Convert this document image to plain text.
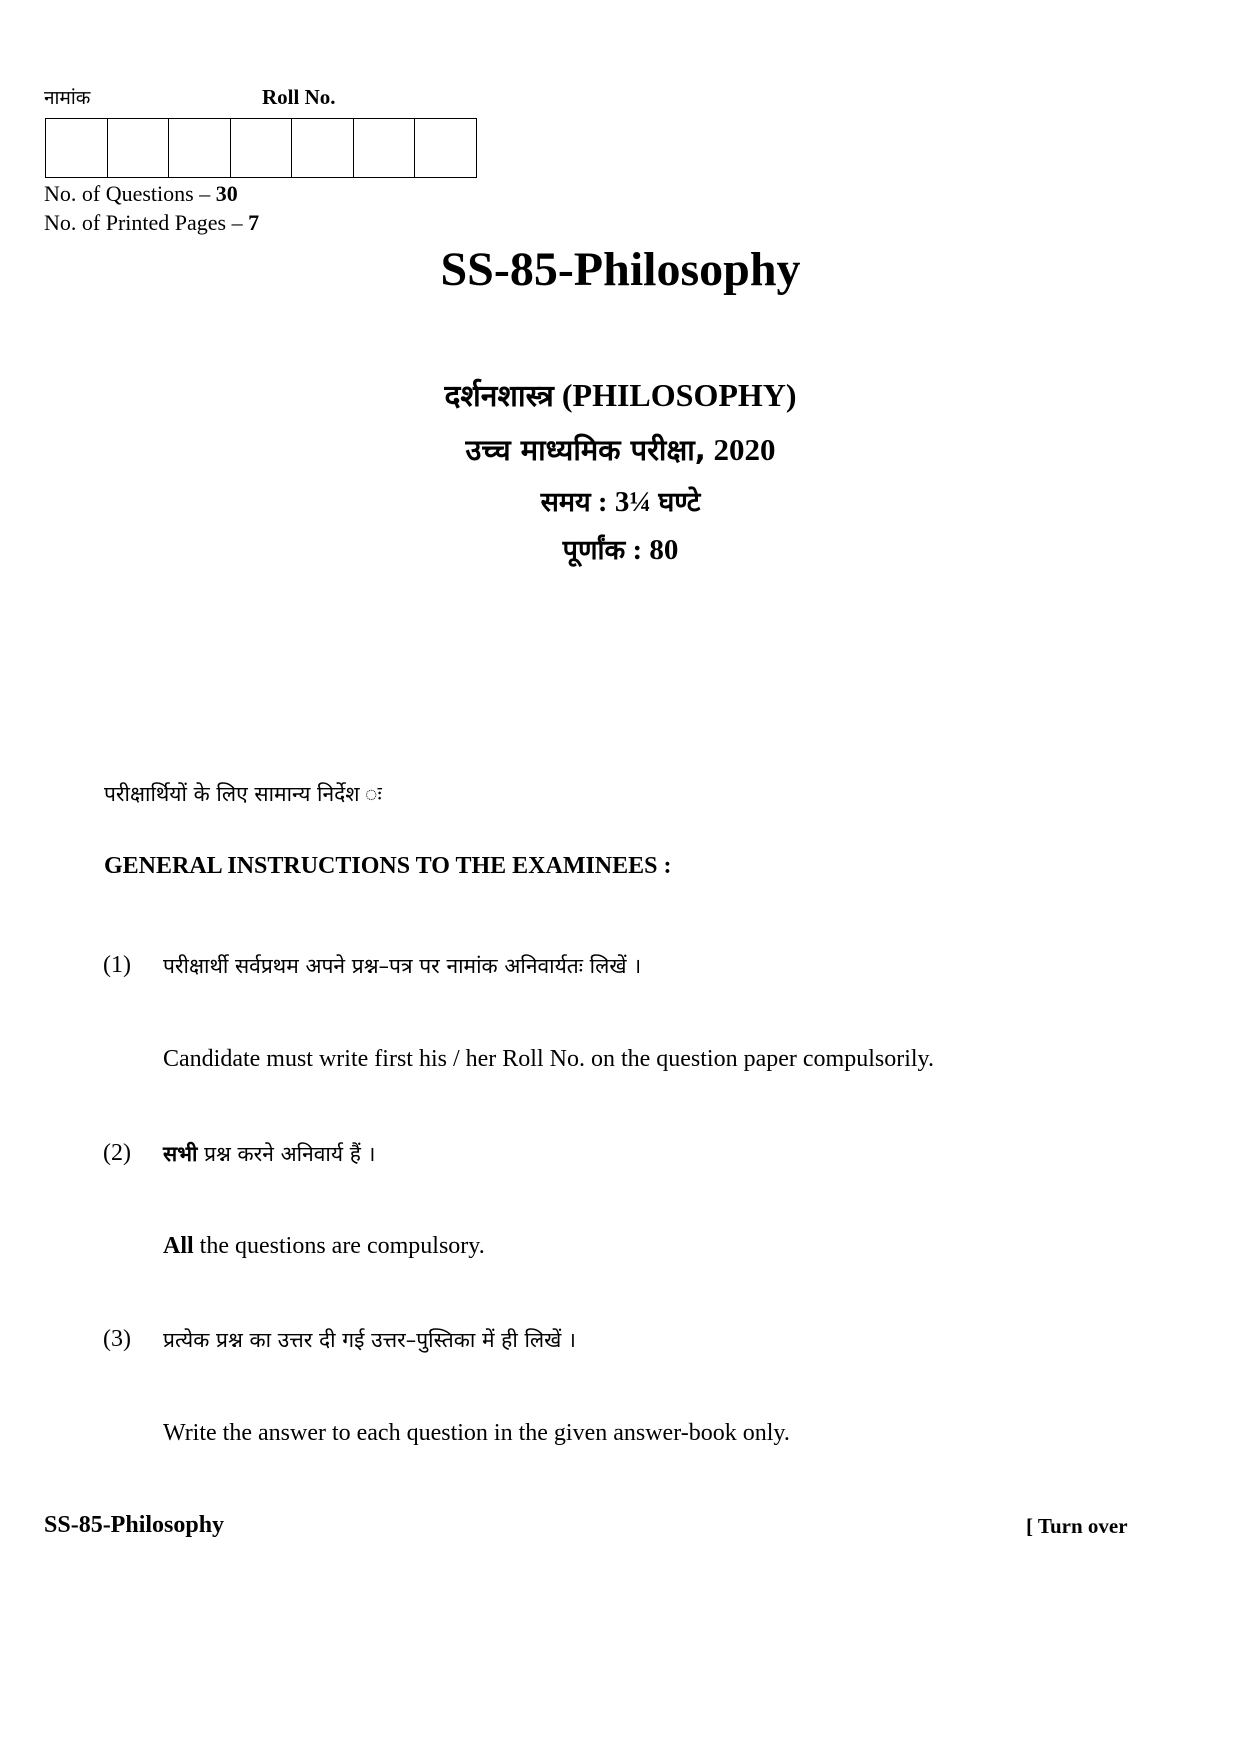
नामांक	Roll No.
No. of Questions – 30
No. of Printed Pages – 7
SS-85-Philosophy
दर्शनशास्त्र (PHILOSOPHY)
उच्च माध्यमिक परीक्षा, 2020
समय : 3¼ घण्टे
पूर्णांक : 80
परीक्षार्थियों के लिए सामान्य निर्देश ः
GENERAL INSTRUCTIONS TO THE EXAMINEES :
(1) परीक्षार्थी सर्वप्रथम अपने प्रश्न–पत्र पर नामांक अनिवार्यतः लिखें ।
Candidate must write first his / her Roll No. on the question paper compulsorily.
(2) सभी प्रश्न करने अनिवार्य हैं ।
All the questions are compulsory.
(3) प्रत्येक प्रश्न का उत्तर दी गई उत्तर–पुस्तिका में ही लिखें ।
Write the answer to each question in the given answer-book only.
SS-85-Philosophy	[ Turn over
